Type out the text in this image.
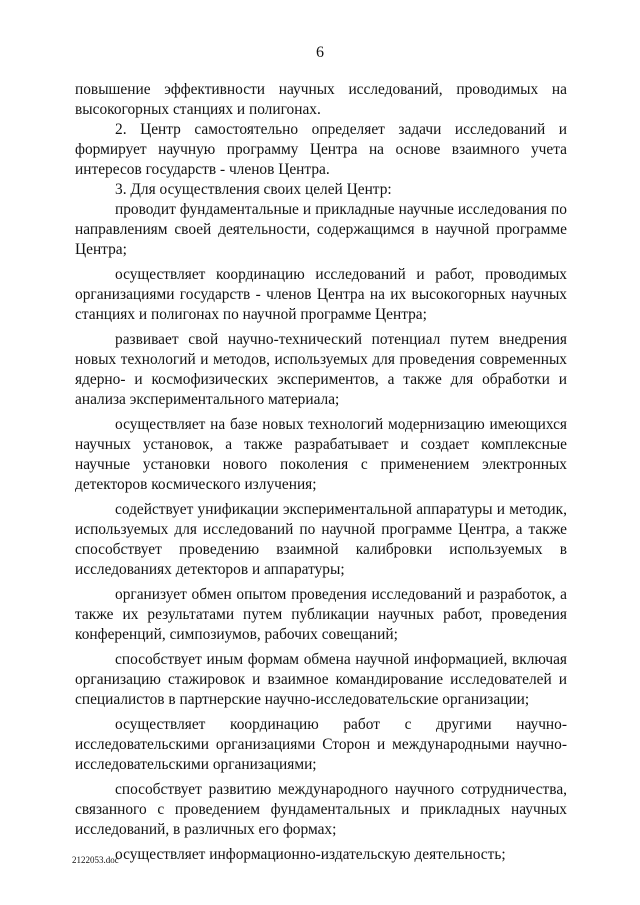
6

повышение эффективности научных исследований, проводимых на высокогорных станциях и полигонах.

2. Центр самостоятельно определяет задачи исследований и формирует научную программу Центра на основе взаимного учета интересов государств - членов Центра.

3. Для осуществления своих целей Центр:

проводит фундаментальные и прикладные научные исследования по направлениям своей деятельности, содержащимся в научной программе Центра;

осуществляет координацию исследований и работ, проводимых организациями государств - членов Центра на их высокогорных научных станциях и полигонах по научной программе Центра;

развивает свой научно-технический потенциал путем внедрения новых технологий и методов, используемых для проведения современных ядерно- и космофизических экспериментов, а также для обработки и анализа экспериментального материала;

осуществляет на базе новых технологий модернизацию имеющихся научных установок, а также разрабатывает и создает комплексные научные установки нового поколения с применением электронных детекторов космического излучения;

содействует унификации экспериментальной аппаратуры и методик, используемых для исследований по научной программе Центра, а также способствует проведению взаимной калибровки используемых в исследованиях детекторов и аппаратуры;

организует обмен опытом проведения исследований и разработок, а также их результатами путем публикации научных работ, проведения конференций, симпозиумов, рабочих совещаний;

способствует иным формам обмена научной информацией, включая организацию стажировок и взаимное командирование исследователей и специалистов в партнерские научно-исследовательские организации;

осуществляет координацию работ с другими научно-исследовательскими организациями Сторон и международными научно-исследовательскими организациями;

способствует развитию международного научного сотрудничества, связанного с проведением фундаментальных и прикладных научных исследований, в различных его формах;

осуществляет информационно-издательскую деятельность;

2122053.doc
